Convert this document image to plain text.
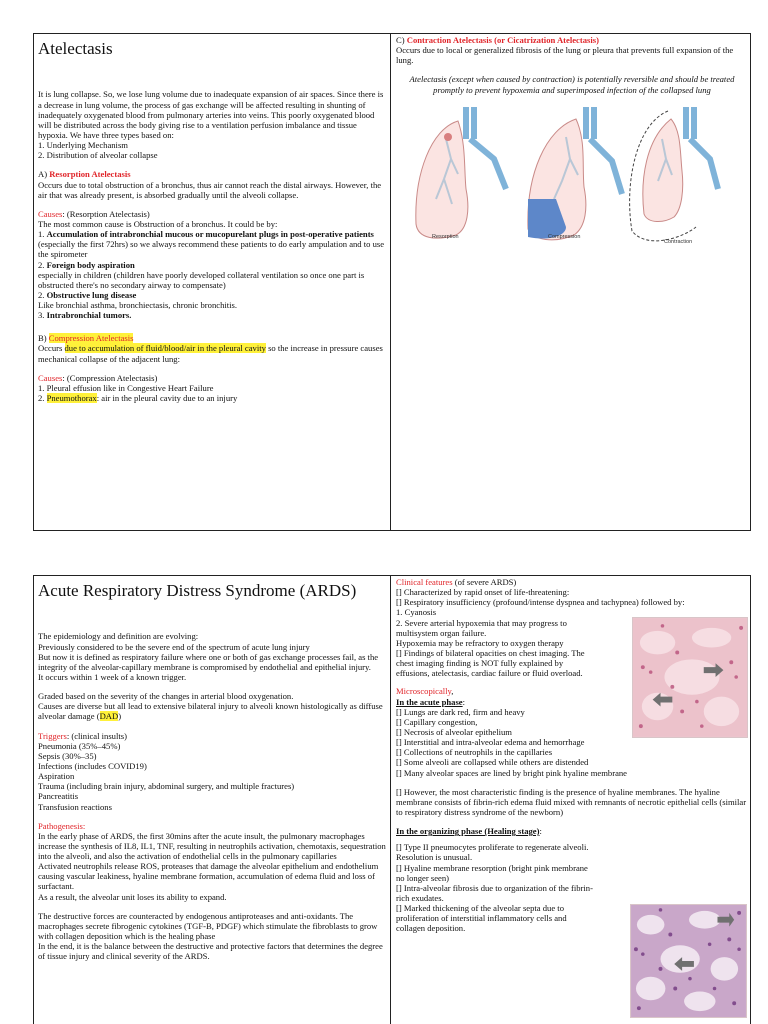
Atelectasis

It is lung collapse. So, we lose lung volume due to inadequate expansion of air spaces. Since there is a decrease in lung volume, the process of gas exchange will be affected resulting in shunting of inadequately oxygenated blood from pulmonary arteries into veins. This poorly oxygenated blood will be distributed across the body giving rise to a ventilation perfusion imbalance and tissue hypoxia. We have three types based on:

1. Underlying Mechanism

2. Distribution of alveolar collapse

A) Resorption Atelectasis

Occurs due to total obstruction of a bronchus, thus air cannot reach the distal airways. However, the air that was already present, is absorbed gradually until the alveoli collapse.

Causes: (Resorption Atelectasis)

The most common cause is Obstruction of a bronchus. It could be by:

1. Accumulation of intrabronchial mucous or mucopurelant plugs in post-operative patients

(especially the first 72hrs) so we always recommend these patients to do early ampulation and to use the spirometer

2. Foreign body aspiration

especially in children (children have poorly developed collateral ventilation so once one part is obstructed there's no secondary airway to compensate)

2. Obstructive lung disease

Like bronchial asthma, bronchiectasis, chronic bronchitis.

3. Intrabronchial tumors.

B) Compression Atelectasis

Occurs due to accumulation of fluid/blood/air in the pleural cavity so the increase in pressure causes mechanical collapse of the adjacent lung:

Causes: (Compression Atelectasis)

1. Pleural effusion like in Congestive Heart Failure

2. Pneumothorax: air in the pleural cavity due to an injury

C) Contraction Atelectasis (or Cicatrization Atelectasis)

Occurs due to local or generalized fibrosis of the lung or pleura that prevents full expansion of the lung.

Atelectasis (except when caused by contraction) is potentially reversible and should be treated promptly to prevent hypoxemia and superimposed infection of the collapsed lung

Resorption	Compression
Contraction
Acute Respiratory Distress Syndrome (ARDS)

The epidemiology and definition are evolving:

Previously considered to be the severe end of the spectrum of acute lung injury

But now it is defined as respiratory failure where one or both of gas exchange processes fail, as the integrity of the alveolar-capillary membrane is compromised by endothelial and epithelial injury.

It occurs within 1 week of a known trigger.

Graded based on the severity of the changes in arterial blood oxygenation.

Causes are diverse but all lead to extensive bilateral injury to alveoli known histologically as diffuse alveolar damage (DAD)

Triggers: (clinical insults)

Pneumonia (35%–45%)

Sepsis (30%–35)

Infections (includes COVID19)

Aspiration

Trauma (including brain injury, abdominal surgery, and multiple fractures)

Pancreatitis

Transfusion reactions

Pathogenesis:

In the early phase of ARDS, the first 30mins after the acute insult, the pulmonary macrophages increase the synthesis of IL8, IL1, TNF, resulting in neutrophils activation, chemotaxis, sequestration into the alveoli, and also the activation of endothelial cells in the pulmonary capillaries

Activated neutrophils release ROS, proteases that damage the alveolar epithelium and endothelium causing vascular leakiness, hyaline membrane formation, accumulation of edema fluid and loss of surfactant.

As a result, the alveolar unit loses its ability to expand.

The destructive forces are counteracted by endogenous antiproteases and anti-oxidants. The macrophages secrete fibrogenic cytokines (TGF-B, PDGF) which stimulate the fibroblasts to grow with collagen deposition which is the healing phase

In the end, it is the balance between the destructive and protective factors that determines the degree of tissue injury and clinical severity of the ARDS.

Clinical features (of severe ARDS)

[] Characterized by rapid onset of life-threatening:

[] Respiratory insufficiency (profound/intense dyspnea and tachypnea) followed by:

1. Cyanosis

2. Severe arterial hypoxemia that may progress to multisystem organ failure.

Hypoxemia may be refractory to oxygen therapy

[] Findings of bilateral opacities on chest imaging. The chest imaging finding is NOT fully explained by effusions, atelectasis, cardiac failure or fluid overload.

Microscopically,

In the acute phase:

[] Lungs are dark red, firm and heavy

[] Capillary congestion,

[] Necrosis of alveolar epithelium

[] Interstitial and intra-alveolar edema and hemorrhage

[] Collections of neutrophils in the capillaries

[] Some alveoli are collapsed while others are distended

[] Many alveolar spaces are lined by bright pink hyaline membrane

[] However, the most characteristic finding is the presence of hyaline membranes. The hyaline membrane consists of fibrin-rich edema fluid mixed with remnants of necrotic epithelial cells (similar to respiratory distress syndrome of the newborn)

In the organizing phase (Healing stage):

[] Type II pneumocytes proliferate to regenerate alveoli. Resolution is unusual.

[] Hyaline membrane resorption (bright pink membrane no longer seen)

[] Intra-alveolar fibrosis due to organization of the fibrin-rich exudates.

[] Marked thickening of the alveolar septa due to proliferation of interstitial inflammatory cells and collagen deposition.
